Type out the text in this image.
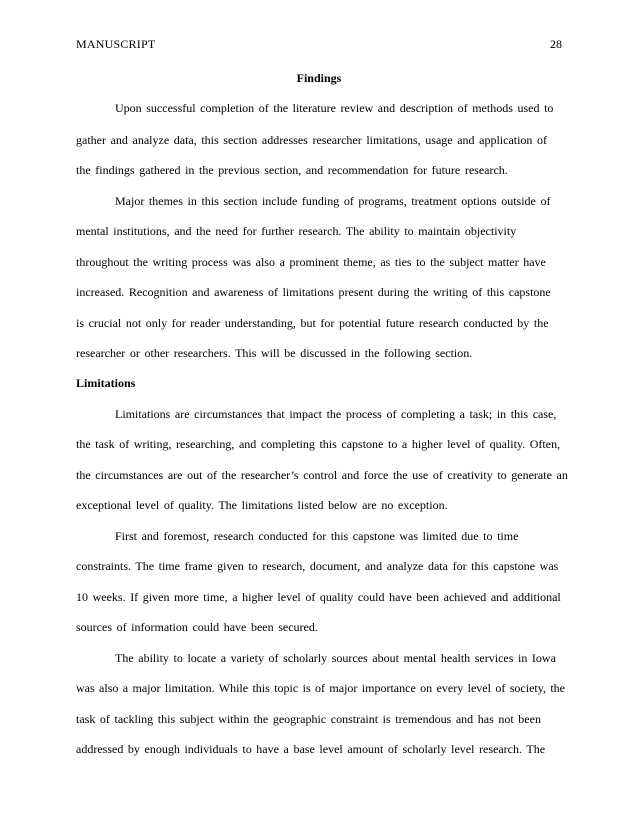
MANUSCRIPT	28
Findings
Upon successful completion of the literature review and description of methods used to
gather and analyze data, this section addresses researcher limitations, usage and application of
the findings gathered in the previous section, and recommendation for future research.
Major themes in this section include funding of programs, treatment options outside of
mental institutions, and the need for further research. The ability to maintain objectivity
throughout the writing process was also a prominent theme, as ties to the subject matter have
increased. Recognition and awareness of limitations present during the writing of this capstone
is crucial not only for reader understanding, but for potential future research conducted by the
researcher or other researchers. This will be discussed in the following section.
Limitations
Limitations are circumstances that impact the process of completing a task; in this case,
the task of writing, researching, and completing this capstone to a higher level of quality. Often,
the circumstances are out of the researcher’s control and force the use of creativity to generate an
exceptional level of quality. The limitations listed below are no exception.
First and foremost, research conducted for this capstone was limited due to time
constraints. The time frame given to research, document, and analyze data for this capstone was
10 weeks. If given more time, a higher level of quality could have been achieved and additional
sources of information could have been secured.
The ability to locate a variety of scholarly sources about mental health services in Iowa
was also a major limitation. While this topic is of major importance on every level of society, the
task of tackling this subject within the geographic constraint is tremendous and has not been
addressed by enough individuals to have a base level amount of scholarly level research. The
